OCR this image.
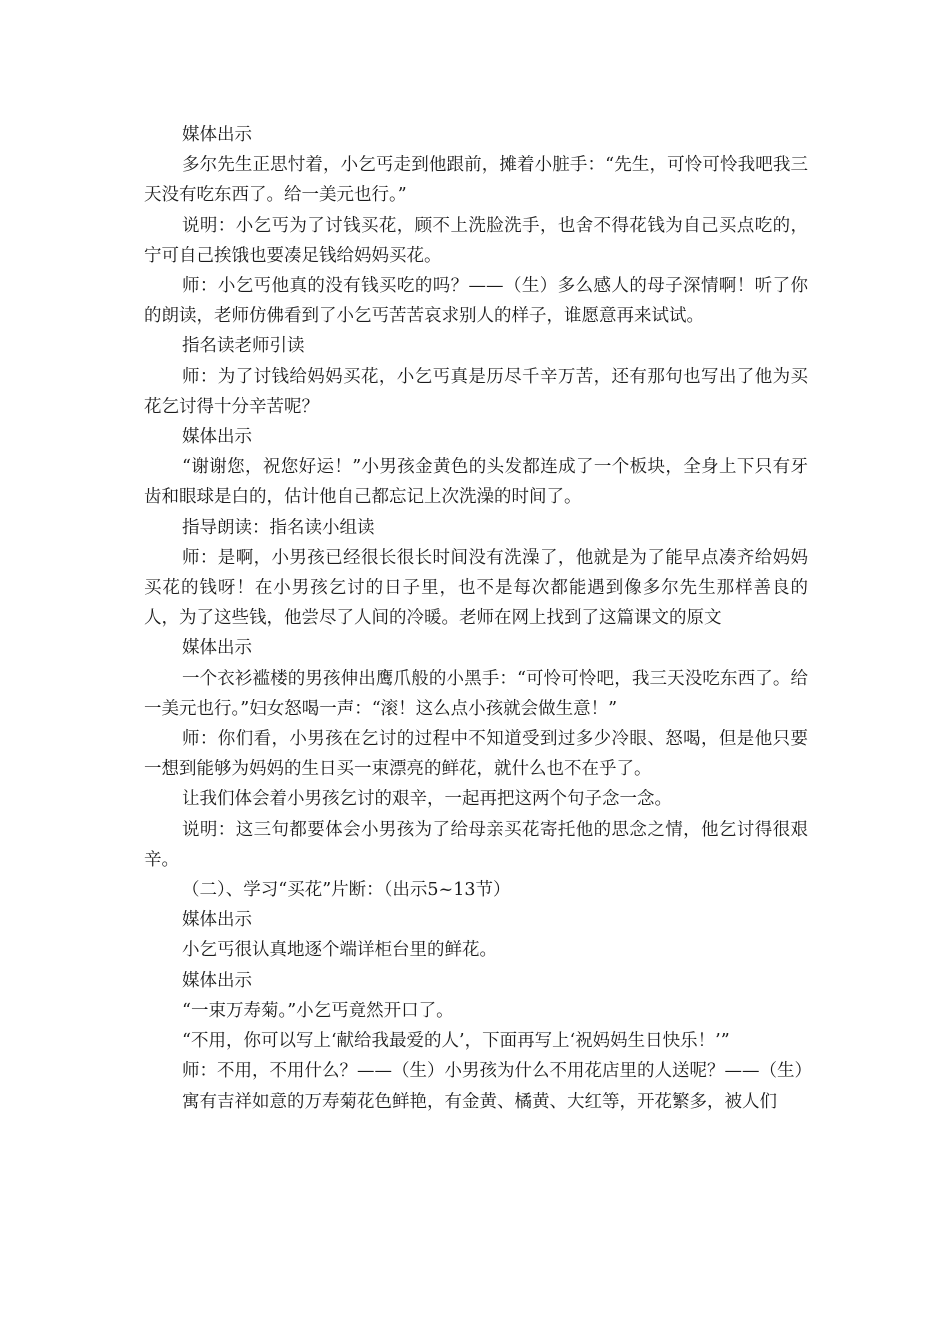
媒体出示

多尔先生正思忖着，小乞丐走到他跟前，摊着小脏手：“先生，可怜可怜我吧我三天没有吃东西了。给一美元也行。”

说明：小乞丐为了讨钱买花，顾不上洗脸洗手，也舍不得花钱为自己买点吃的，宁可自己挨饿也要凑足钱给妈妈买花。

师：小乞丐他真的没有钱买吃的吗？——（生）多么感人的母子深情啊！听了你的朗读，老师仿佛看到了小乞丐苦苦哀求别人的样子，谁愿意再来试试。

指名读老师引读

师：为了讨钱给妈妈买花，小乞丐真是历尽千辛万苦，还有那句也写出了他为买花乞讨得十分辛苦呢？

媒体出示

“谢谢您，祝您好运！”小男孩金黄色的头发都连成了一个板块，全身上下只有牙齿和眼球是白的，估计他自己都忘记上次洗澡的时间了。

指导朗读：指名读小组读

师：是啊，小男孩已经很长很长时间没有洗澡了，他就是为了能早点凑齐给妈妈买花的钱呀！在小男孩乞讨的日子里，也不是每次都能遇到像多尔先生那样善良的人，为了这些钱，他尝尽了人间的冷暖。老师在网上找到了这篇课文的原文

媒体出示

一个衣衫褴楼的男孩伸出鹰爪般的小黑手：“可怜可怜吧，我三天没吃东西了。给一美元也行。”妇女怒喝一声：“滚！这么点小孩就会做生意！”

师：你们看，小男孩在乞讨的过程中不知道受到过多少冷眼、怒喝，但是他只要一想到能够为妈妈的生日买一束漂亮的鲜花，就什么也不在乎了。

让我们体会着小男孩乞讨的艰辛，一起再把这两个句子念一念。

说明：这三句都要体会小男孩为了给母亲买花寄托他的思念之情，他乞讨得很艰辛。

（二）、学习“买花”片断：（出示5~13节）

媒体出示

小乞丐很认真地逐个端详柜台里的鲜花。

媒体出示

“一束万寿菊。”小乞丐竟然开口了。

“不用，你可以写上‘献给我最爱的人’，下面再写上‘祝妈妈生日快乐！’”

师：不用，不用什么？——（生）小男孩为什么不用花店里的人送呢？——（生）

寓有吉祥如意的万寿菊花色鲜艳，有金黄、橘黄、大红等，开花繁多，被人们
